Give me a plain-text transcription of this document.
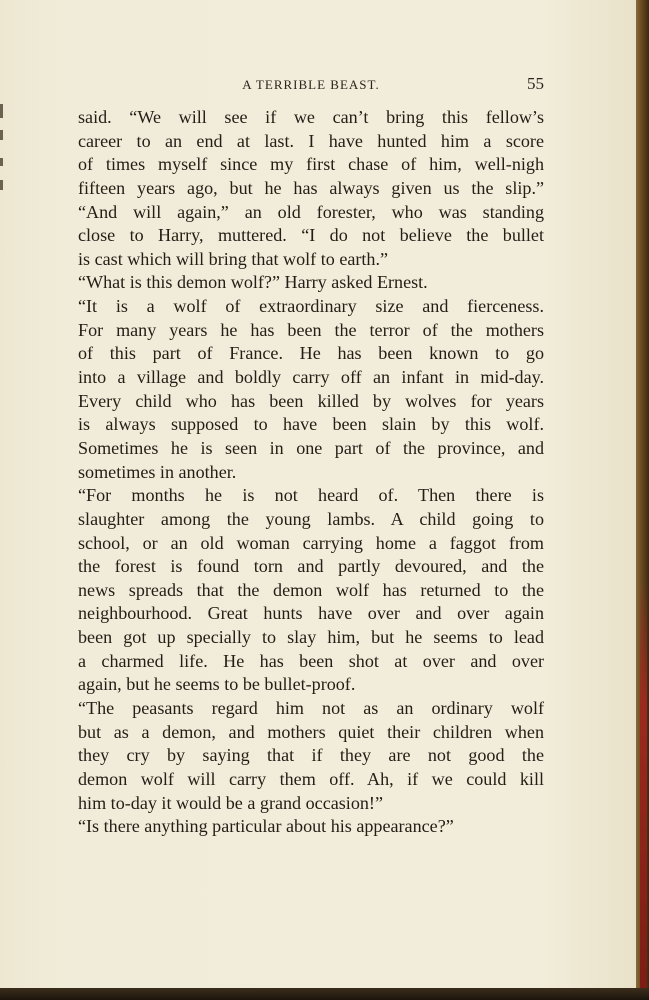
A TERRIBLE BEAST.	55
said. “We will see if we can’t bring this fellow’s
career to an end at last. I have hunted him a score
of times myself since my first chase of him, well-nigh
fifteen years ago, but he has always given us the slip.”
“And will again,” an old forester, who was standing
close to Harry, muttered. “I do not believe the bullet
is cast which will bring that wolf to earth.”
“What is this demon wolf?” Harry asked Ernest.
“It is a wolf of extraordinary size and fierceness.
For many years he has been the terror of the mothers
of this part of France. He has been known to go
into a village and boldly carry off an infant in mid-day.
Every child who has been killed by wolves for years
is always supposed to have been slain by this wolf.
Sometimes he is seen in one part of the province, and
sometimes in another.
“For months he is not heard of. Then there is
slaughter among the young lambs. A child going to
school, or an old woman carrying home a faggot from
the forest is found torn and partly devoured, and the
news spreads that the demon wolf has returned to the
neighbourhood. Great hunts have over and over again
been got up specially to slay him, but he seems to lead
a charmed life. He has been shot at over and over
again, but he seems to be bullet-proof.
“The peasants regard him not as an ordinary wolf
but as a demon, and mothers quiet their children when
they cry by saying that if they are not good the
demon wolf will carry them off. Ah, if we could kill
him to-day it would be a grand occasion!”
“Is there anything particular about his appearance?”
